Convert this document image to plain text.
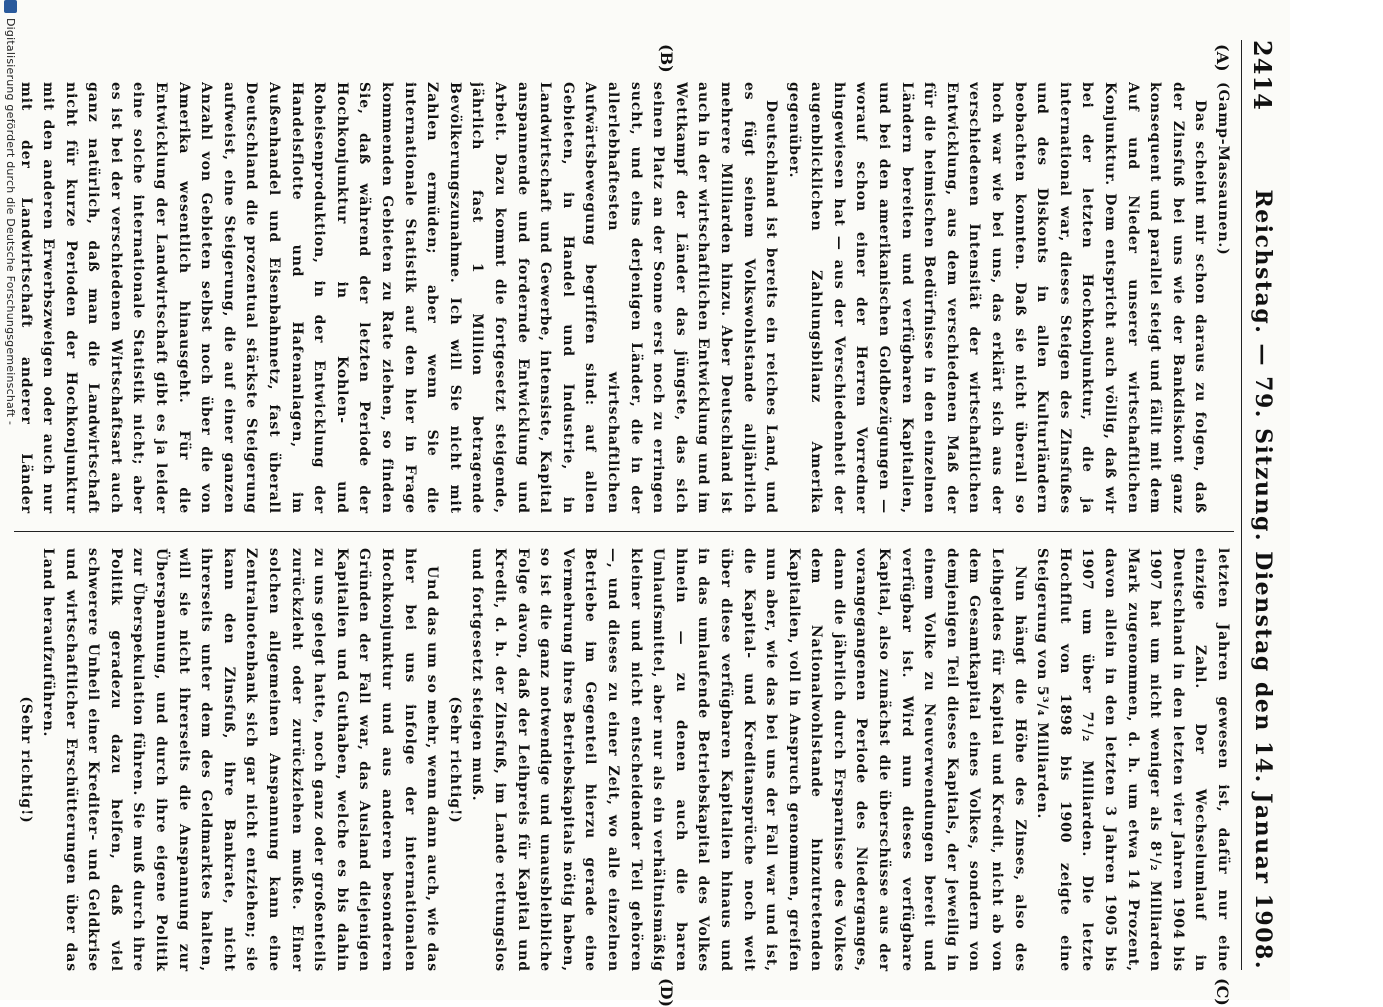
2414
Reichstag. — 79. Sitzung. Dienstag den 14. Januar 1908.
(A)
(B)
(C)
(D)

(Gamp-Massaunen.)

Das scheint mir schon daraus zu folgen, daß der Zinsfuß bei uns wie der Bankdiskont ganz konsequent und parallel steigt und fällt mit dem Auf und Nieder unserer wirtschaftlichen Konjunktur. Dem entspricht auch völlig, daß wir bei der letzten Hochkonjunktur, die ja international war, dieses Steigen des Zinsfußes und des Diskonts in allen Kulturländern beobachten konnten. Daß sie nicht überall so hoch war wie bei uns, das erklärt sich aus der verschiedenen Intensität der wirtschaftlichen Entwicklung, aus dem verschiedenen Maß der für die heimischen Bedürfnisse in den einzelnen Ländern bereiten und verfügbaren Kapitalien, und bei den amerikanischen Goldbezügungen — worauf schon einer der Herren Vorredner hingewiesen hat — aus der Verschiedenheit der augenblicklichen Zahlungsbilanz Amerika gegenüber.

Deutschland ist bereits ein reiches Land, und es fügt seinem Volkswohlstande alljährlich mehrere Milliarden hinzu. Aber Deutschland ist auch in der wirtschaftlichen Entwicklung und im Wettkampf der Länder das jüngste, das sich seinen Platz an der Sonne erst noch zu erringen sucht, und eins derjenigen Länder, die in der allerlebhaftesten wirtschaftlichen Aufwärtsbewegung begriffen sind: auf allen Gebieten, in Handel und Industrie, in Landwirtschaft und Gewerbe, intensiste, Kapital anspannende und fordernde Entwicklung und Arbeit. Dazu kommt die fortgesetzt steigende, jährlich fast 1 Million betragende Bevölkerungszunahme. Ich will Sie nicht mit Zahlen ermüden; aber wenn Sie die internationale Statistik auf den hier in Frage kommenden Gebieten zu Rate ziehen, so finden Sie, daß während der letzten Periode der Hochkonjunktur in Kohlen- und Roheisenproduktion, in der Entwicklung der Handelsflotte und Hafenanlagen, im Außenhandel und Eisenbahnnetz, fast überall Deutschland die prozentual stärkste Steigerung aufweist, eine Steigerung, die auf einer ganzen Anzahl von Gebieten selbst noch über die von Amerika wesentlich hinausgeht. Für die Entwicklung der Landwirtschaft gibt es ja leider eine solche internationale Statistik nicht; aber es ist bei der verschiedenen Wirtschaftsart auch ganz natürlich, daß man die Landwirtschaft nicht für kurze Perioden der Hochkonjunktur mit den anderen Erwerbszweigen oder auch nur mit der Landwirtschaft anderer Länder

letzten Jahren gewesen ist, dafür nur eine einzige Zahl. Der Wechselumlauf in Deutschland in den letzten vier Jahren 1904 bis 1907 hat um nicht weniger als 8¹/₂ Milliarden Mark zugenommen, d. h. um etwa 14 Prozent, davon allein in den letzten 3 Jahren 1905 bis 1907 um über 7¹/₂ Milliarden. Die letzte Hochflut von 1898 bis 1900 zeigte eine Steigerung von 5³/₄ Milliarden.

Nun hängt die Höhe des Zinses, also des Leihgeldes für Kapital und Kredit, nicht ab von dem Gesamtkapital eines Volkes, sondern von demjenigen Teil dieses Kapitals, der jeweilig in einem Volke zu Neuverwendungen bereit und verfügbar ist. Wird nun dieses verfügbare Kapital, also zunächst die überschüsse aus der vorangegangenen Periode des Niederganges, dann die jährlich durch Ersparnisse des Volkes dem Nationalwohlstande hinzutretenden Kapitalien, voll in Anspruch genommen, greifen nun aber, wie das bei uns der Fall war und ist, die Kapital- und Kreditansprüche noch weit über diese verfügbaren Kapitalien hinaus und in das umlaufende Betriebskapital des Volkes hinein — zu denen auch die baren Umlaufsmittel, aber nur als ein verhältnismäßig kleiner und nicht entscheidender Teil gehören —, und dieses zu einer Zeit, wo alle einzelnen Betriebe im Gegenteil hierzu gerade eine Vermehrung ihres Betriebskapitals nötig haben, so ist die ganz notwendige und unausbleibliche Folge davon, daß der Leihpreis für Kapital und Kredit, d. h. der Zinsfuß, im Lande rettungslos und fortgesetzt steigen muß.

(Sehr richtig!)

Und das um so mehr, wenn dann auch, wie das hier bei uns infolge der internationalen Hochkonjunktur und aus anderen besonderen Gründen der Fall war, das Ausland diejenigen Kapitalien und Guthaben, welche es bis dahin zu uns gelegt hatte, noch ganz oder großenteils zurückzieht oder zurückziehen mußte. Einer solchen allgemeinen Anspannung kann eine Zentralnotenbank sich gar nicht entziehen; sie kann den Zinsfuß, ihre Bankrate, nicht ihrerseits unter dem des Geldmarktes halten, will sie nicht ihrerseits die Anspannung zur Überspannung, und durch ihre eigene Politik zur Überspekulation führen. Sie muß durch ihre Politik geradezu dazu helfen, daß viel schwerere Unheil einer Krediter- und Geldkrise und wirtschaftlicher Erschütterungen über das Land heraufzuführen.

(Sehr richtig!)

Digitalisierung gefördert durch die Deutsche Forschungsgemeinschaft -
